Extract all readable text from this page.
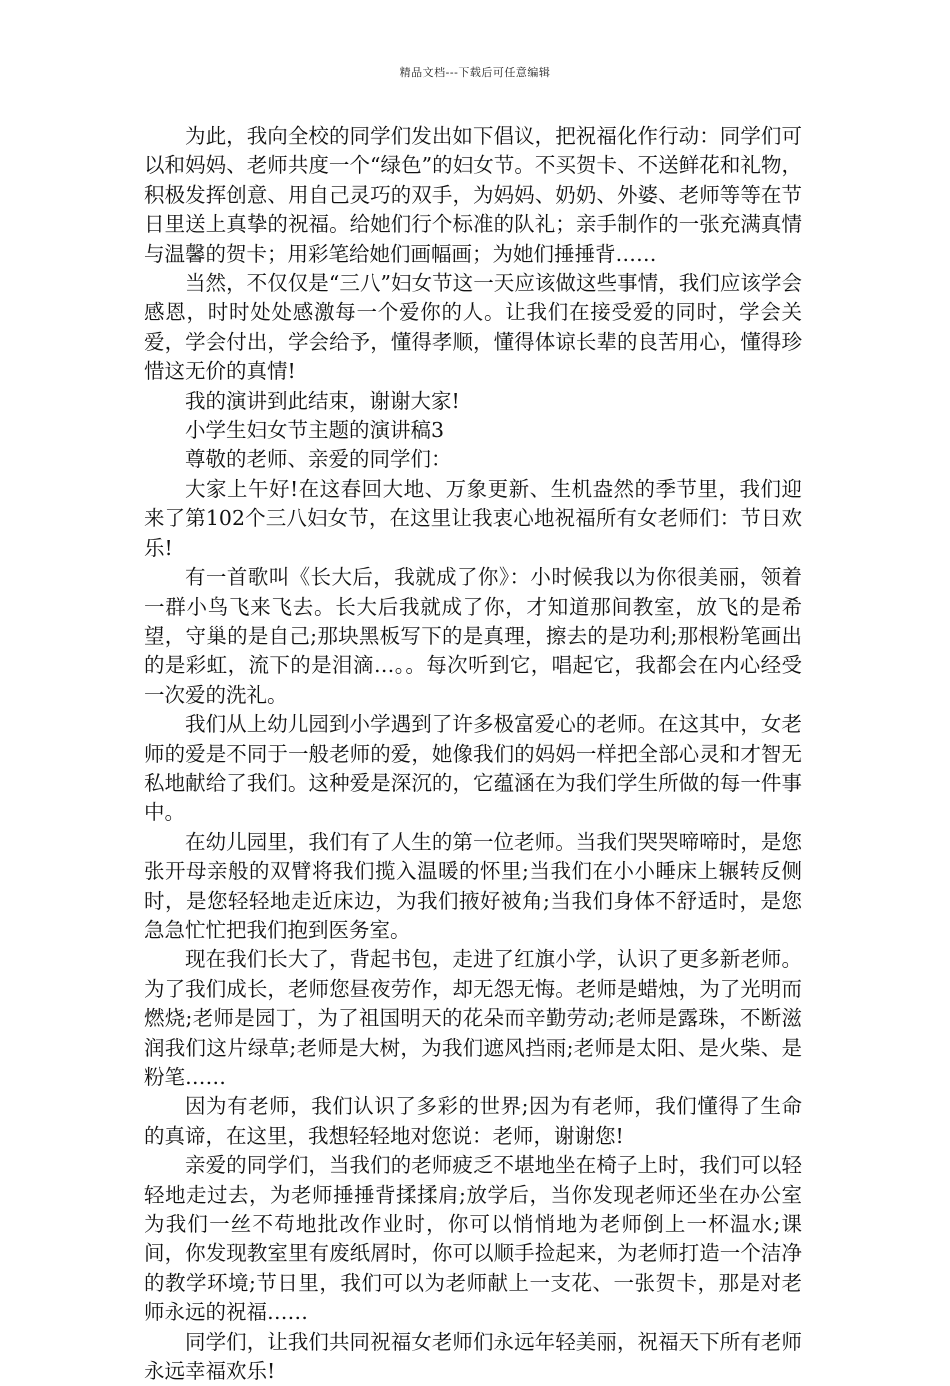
精品文档---下载后可任意编辑

为此，我向全校的同学们发出如下倡议，把祝福化作行动：同学们可以和妈妈、老师共度一个“绿色”的妇女节。不买贺卡、不送鲜花和礼物，积极发挥创意、用自己灵巧的双手，为妈妈、奶奶、外婆、老师等等在节日里送上真挚的祝福。给她们行个标准的队礼；亲手制作的一张充满真情与温馨的贺卡；用彩笔给她们画幅画；为她们捶捶背……

当然，不仅仅是“三八”妇女节这一天应该做这些事情，我们应该学会感恩，时时处处感激每一个爱你的人。让我们在接受爱的同时，学会关爱，学会付出，学会给予，懂得孝顺，懂得体谅长辈的良苦用心，懂得珍惜这无价的真情!

我的演讲到此结束，谢谢大家!

小学生妇女节主题的演讲稿3

尊敬的老师、亲爱的同学们：

大家上午好!在这春回大地、万象更新、生机盎然的季节里，我们迎来了第102个三八妇女节，在这里让我衷心地祝福所有女老师们：节日欢乐!

有一首歌叫《长大后，我就成了你》：小时候我以为你很美丽，领着一群小鸟飞来飞去。长大后我就成了你，才知道那间教室，放飞的是希望，守巢的是自己;那块黑板写下的是真理，擦去的是功利;那根粉笔画出的是彩虹，流下的是泪滴…。。每次听到它，唱起它，我都会在内心经受一次爱的洗礼。

我们从上幼儿园到小学遇到了许多极富爱心的老师。在这其中，女老师的爱是不同于一般老师的爱，她像我们的妈妈一样把全部心灵和才智无私地献给了我们。这种爱是深沉的，它蕴涵在为我们学生所做的每一件事中。

在幼儿园里，我们有了人生的第一位老师。当我们哭哭啼啼时，是您张开母亲般的双臂将我们揽入温暖的怀里;当我们在小小睡床上辗转反侧时，是您轻轻地走近床边，为我们掖好被角;当我们身体不舒适时，是您急急忙忙把我们抱到医务室。

现在我们长大了，背起书包，走进了红旗小学，认识了更多新老师。为了我们成长，老师您昼夜劳作，却无怨无悔。老师是蜡烛，为了光明而燃烧;老师是园丁，为了祖国明天的花朵而辛勤劳动;老师是露珠，不断滋润我们这片绿草;老师是大树，为我们遮风挡雨;老师是太阳、是火柴、是粉笔……

因为有老师，我们认识了多彩的世界;因为有老师，我们懂得了生命的真谛，在这里，我想轻轻地对您说：老师，谢谢您!

亲爱的同学们，当我们的老师疲乏不堪地坐在椅子上时，我们可以轻轻地走过去，为老师捶捶背揉揉肩;放学后，当你发现老师还坐在办公室为我们一丝不苟地批改作业时，你可以悄悄地为老师倒上一杯温水;课间，你发现教室里有废纸屑时，你可以顺手捡起来，为老师打造一个洁净的教学环境;节日里，我们可以为老师献上一支花、一张贺卡，那是对老师永远的祝福……

同学们，让我们共同祝福女老师们永远年轻美丽，祝福天下所有老师永远幸福欢乐!
